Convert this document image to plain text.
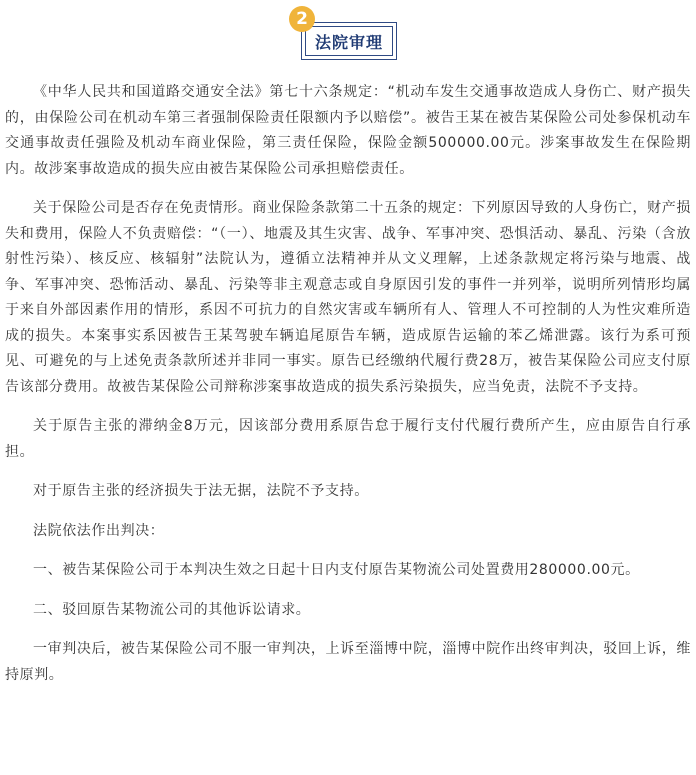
2
法院审理

《中华人民共和国道路交通安全法》第七十六条规定：“机动车发生交通事故造成人身伤亡、财产损失的，由保险公司在机动车第三者强制保险责任限额内予以赔偿”。被告王某在被告某保险公司处参保机动车交通事故责任强险及机动车商业保险，第三责任保险，保险金额500000.00元。涉案事故发生在保险期内。故涉案事故造成的损失应由被告某保险公司承担赔偿责任。

关于保险公司是否存在免责情形。商业保险条款第二十五条的规定：下列原因导致的人身伤亡，财产损失和费用，保险人不负责赔偿：“（一）、地震及其生灾害、战争、军事冲突、恐惧活动、暴乱、污染（含放射性污染）、核反应、核辐射”法院认为，遵循立法精神并从文义理解，上述条款规定将污染与地震、战争、军事冲突、恐怖活动、暴乱、污染等非主观意志或自身原因引发的事件一并列举，说明所列情形均属于来自外部因素作用的情形，系因不可抗力的自然灾害或车辆所有人、管理人不可控制的人为性灾难所造成的损失。本案事实系因被告王某驾驶车辆追尾原告车辆，造成原告运输的苯乙烯泄露。该行为系可预见、可避免的与上述免责条款所述并非同一事实。原告已经缴纳代履行费28万，被告某保险公司应支付原告该部分费用。故被告某保险公司辩称涉案事故造成的损失系污染损失，应当免责，法院不予支持。

关于原告主张的滞纳金8万元，因该部分费用系原告怠于履行支付代履行费所产生，应由原告自行承担。

对于原告主张的经济损失于法无据，法院不予支持。

法院依法作出判决：

一、被告某保险公司于本判决生效之日起十日内支付原告某物流公司处置费用280000.00元。

二、驳回原告某物流公司的其他诉讼请求。

一审判决后，被告某保险公司不服一审判决，上诉至淄博中院，淄博中院作出终审判决，驳回上诉，维持原判。
